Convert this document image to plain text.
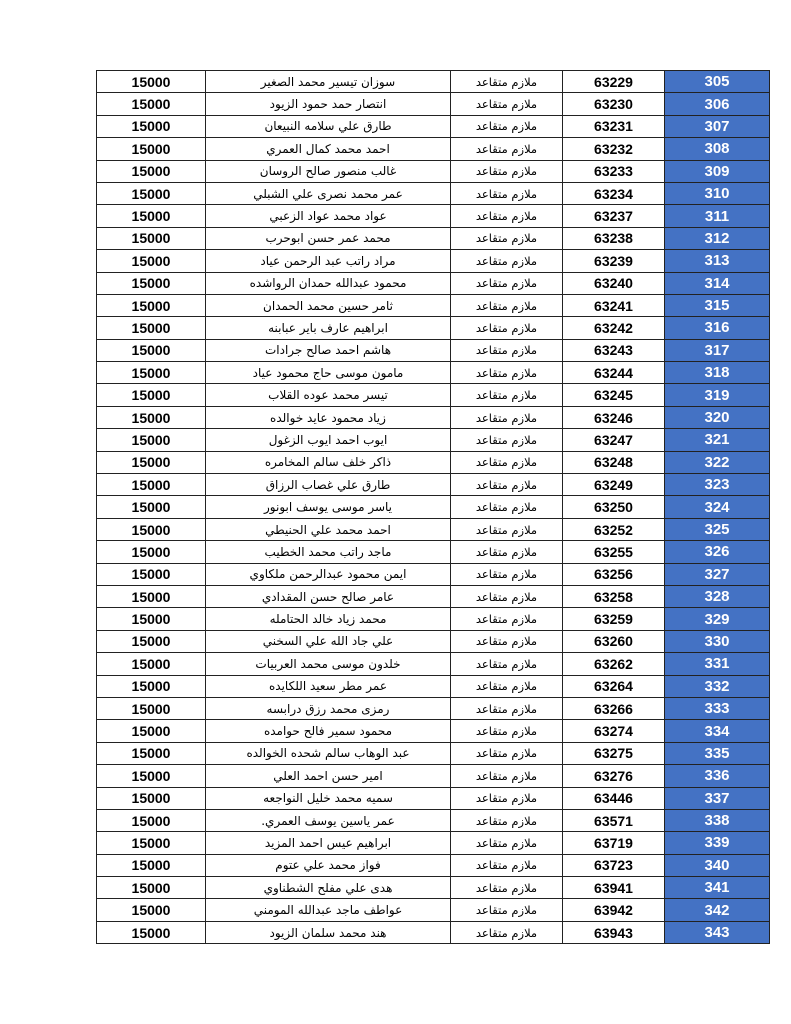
15000	سوزان تيسير محمد الصغير	ملازم متقاعد	63229	305
15000	انتصار حمد حمود الزيود	ملازم متقاعد	63230	306
15000	طارق علي سلامه النبيعان	ملازم متقاعد	63231	307
15000	احمد محمد كمال العمري	ملازم متقاعد	63232	308
15000	غالب منصور صالح الروسان	ملازم متقاعد	63233	309
15000	عمر محمد نصرى علي الشبلي	ملازم متقاعد	63234	310
15000	عواد محمد عواد الزعبي	ملازم متقاعد	63237	311
15000	محمد عمر حسن ابوحرب	ملازم متقاعد	63238	312
15000	مراد راتب عبد الرحمن عياد	ملازم متقاعد	63239	313
15000	محمود عبدالله حمدان الرواشده	ملازم متقاعد	63240	314
15000	ثامر حسين محمد الحمدان	ملازم متقاعد	63241	315
15000	ابراهيم عارف باير عبابنه	ملازم متقاعد	63242	316
15000	هاشم احمد صالح جرادات	ملازم متقاعد	63243	317
15000	مامون موسى حاج محمود عياد	ملازم متقاعد	63244	318
15000	تيسر محمد عوده القلاب	ملازم متقاعد	63245	319
15000	زياد محمود عايد خوالده	ملازم متقاعد	63246	320
15000	ايوب احمد ايوب الزغول	ملازم متقاعد	63247	321
15000	ذاكر خلف سالم المخامره	ملازم متقاعد	63248	322
15000	طارق علي غصاب الرزاق	ملازم متقاعد	63249	323
15000	ياسر موسى يوسف ابونور	ملازم متقاعد	63250	324
15000	احمد محمد علي الحنيطي	ملازم متقاعد	63252	325
15000	ماجد راتب محمد الخطيب	ملازم متقاعد	63255	326
15000	ايمن محمود عبدالرحمن ملكاوي	ملازم متقاعد	63256	327
15000	عامر صالح حسن المقدادي	ملازم متقاعد	63258	328
15000	محمد زياد خالد الحتامله	ملازم متقاعد	63259	329
15000	علي جاد الله علي السخني	ملازم متقاعد	63260	330
15000	خلدون موسى محمد العربيات	ملازم متقاعد	63262	331
15000	عمر مطر سعيد اللكايده	ملازم متقاعد	63264	332
15000	رمزى محمد رزق درابسه	ملازم متقاعد	63266	333
15000	محمود سمير فالح حوامده	ملازم متقاعد	63274	334
15000	عبد الوهاب سالم شحده الخوالده	ملازم متقاعد	63275	335
15000	امير حسن احمد العلي	ملازم متقاعد	63276	336
15000	سميه محمد خليل النواجعه	ملازم متقاعد	63446	337
15000	عمر ياسين يوسف العمري.	ملازم متقاعد	63571	338
15000	ابراهيم عيس احمد المزيد	ملازم متقاعد	63719	339
15000	فواز محمد علي عتوم	ملازم متقاعد	63723	340
15000	هدى علي مفلح الشطناوي	ملازم متقاعد	63941	341
15000	عواطف ماجد عبدالله المومني	ملازم متقاعد	63942	342
15000	هند محمد سلمان الزيود	ملازم متقاعد	63943	343
